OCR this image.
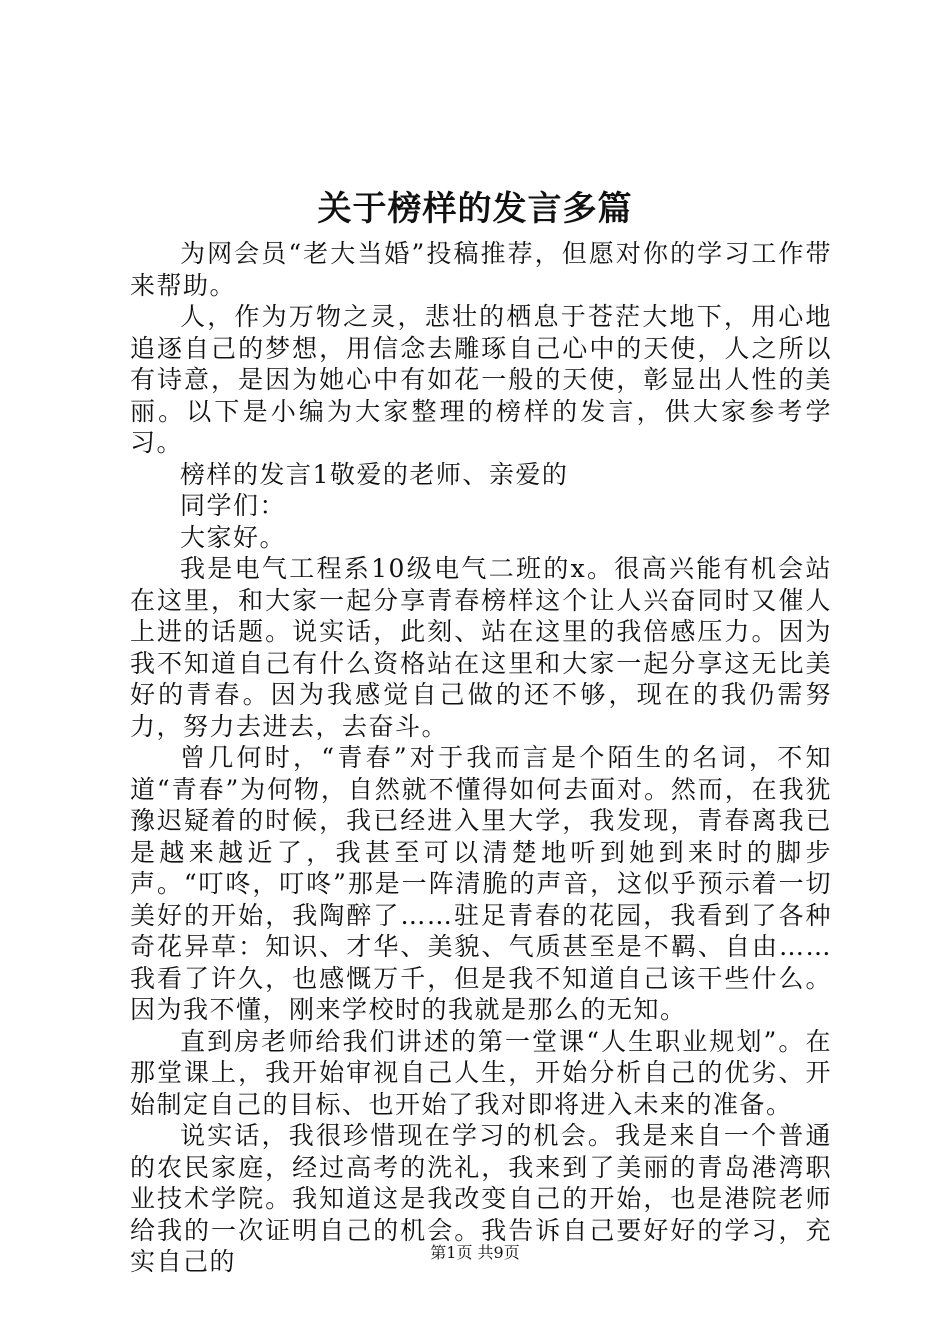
关于榜样的发言多篇

为网会员“老大当婚”投稿推荐，但愿对你的学习工作带来帮助。

人，作为万物之灵，悲壮的栖息于苍茫大地下，用心地追逐自己的梦想，用信念去雕琢自己心中的天使，人之所以有诗意，是因为她心中有如花一般的天使，彰显出人性的美丽。以下是小编为大家整理的榜样的发言，供大家参考学习。

榜样的发言1敬爱的老师、亲爱的

同学们：

大家好。

我是电气工程系10级电气二班的x。很高兴能有机会站在这里，和大家一起分享青春榜样这个让人兴奋同时又催人上进的话题。说实话，此刻、站在这里的我倍感压力。因为我不知道自己有什么资格站在这里和大家一起分享这无比美好的青春。因为我感觉自己做的还不够，现在的我仍需努力，努力去进去，去奋斗。

曾几何时，“青春”对于我而言是个陌生的名词，不知道“青春”为何物，自然就不懂得如何去面对。然而，在我犹豫迟疑着的时候，我已经进入里大学，我发现，青春离我已是越来越近了，我甚至可以清楚地听到她到来时的脚步声。“叮咚，叮咚”那是一阵清脆的声音，这似乎预示着一切美好的开始，我陶醉了……驻足青春的花园，我看到了各种奇花异草：知识、才华、美貌、气质甚至是不羁、自由……我看了许久，也感慨万千，但是我不知道自己该干些什么。因为我不懂，刚来学校时的我就是那么的无知。

直到房老师给我们讲述的第一堂课“人生职业规划”。在那堂课上，我开始审视自己人生，开始分析自己的优劣、开始制定自己的目标、也开始了我对即将进入未来的准备。

说实话，我很珍惜现在学习的机会。我是来自一个普通的农民家庭，经过高考的洗礼，我来到了美丽的青岛港湾职业技术学院。我知道这是我改变自己的开始，也是港院老师给我的一次证明自己的机会。我告诉自己要好好的学习，充实自己的	第1页 共9页
